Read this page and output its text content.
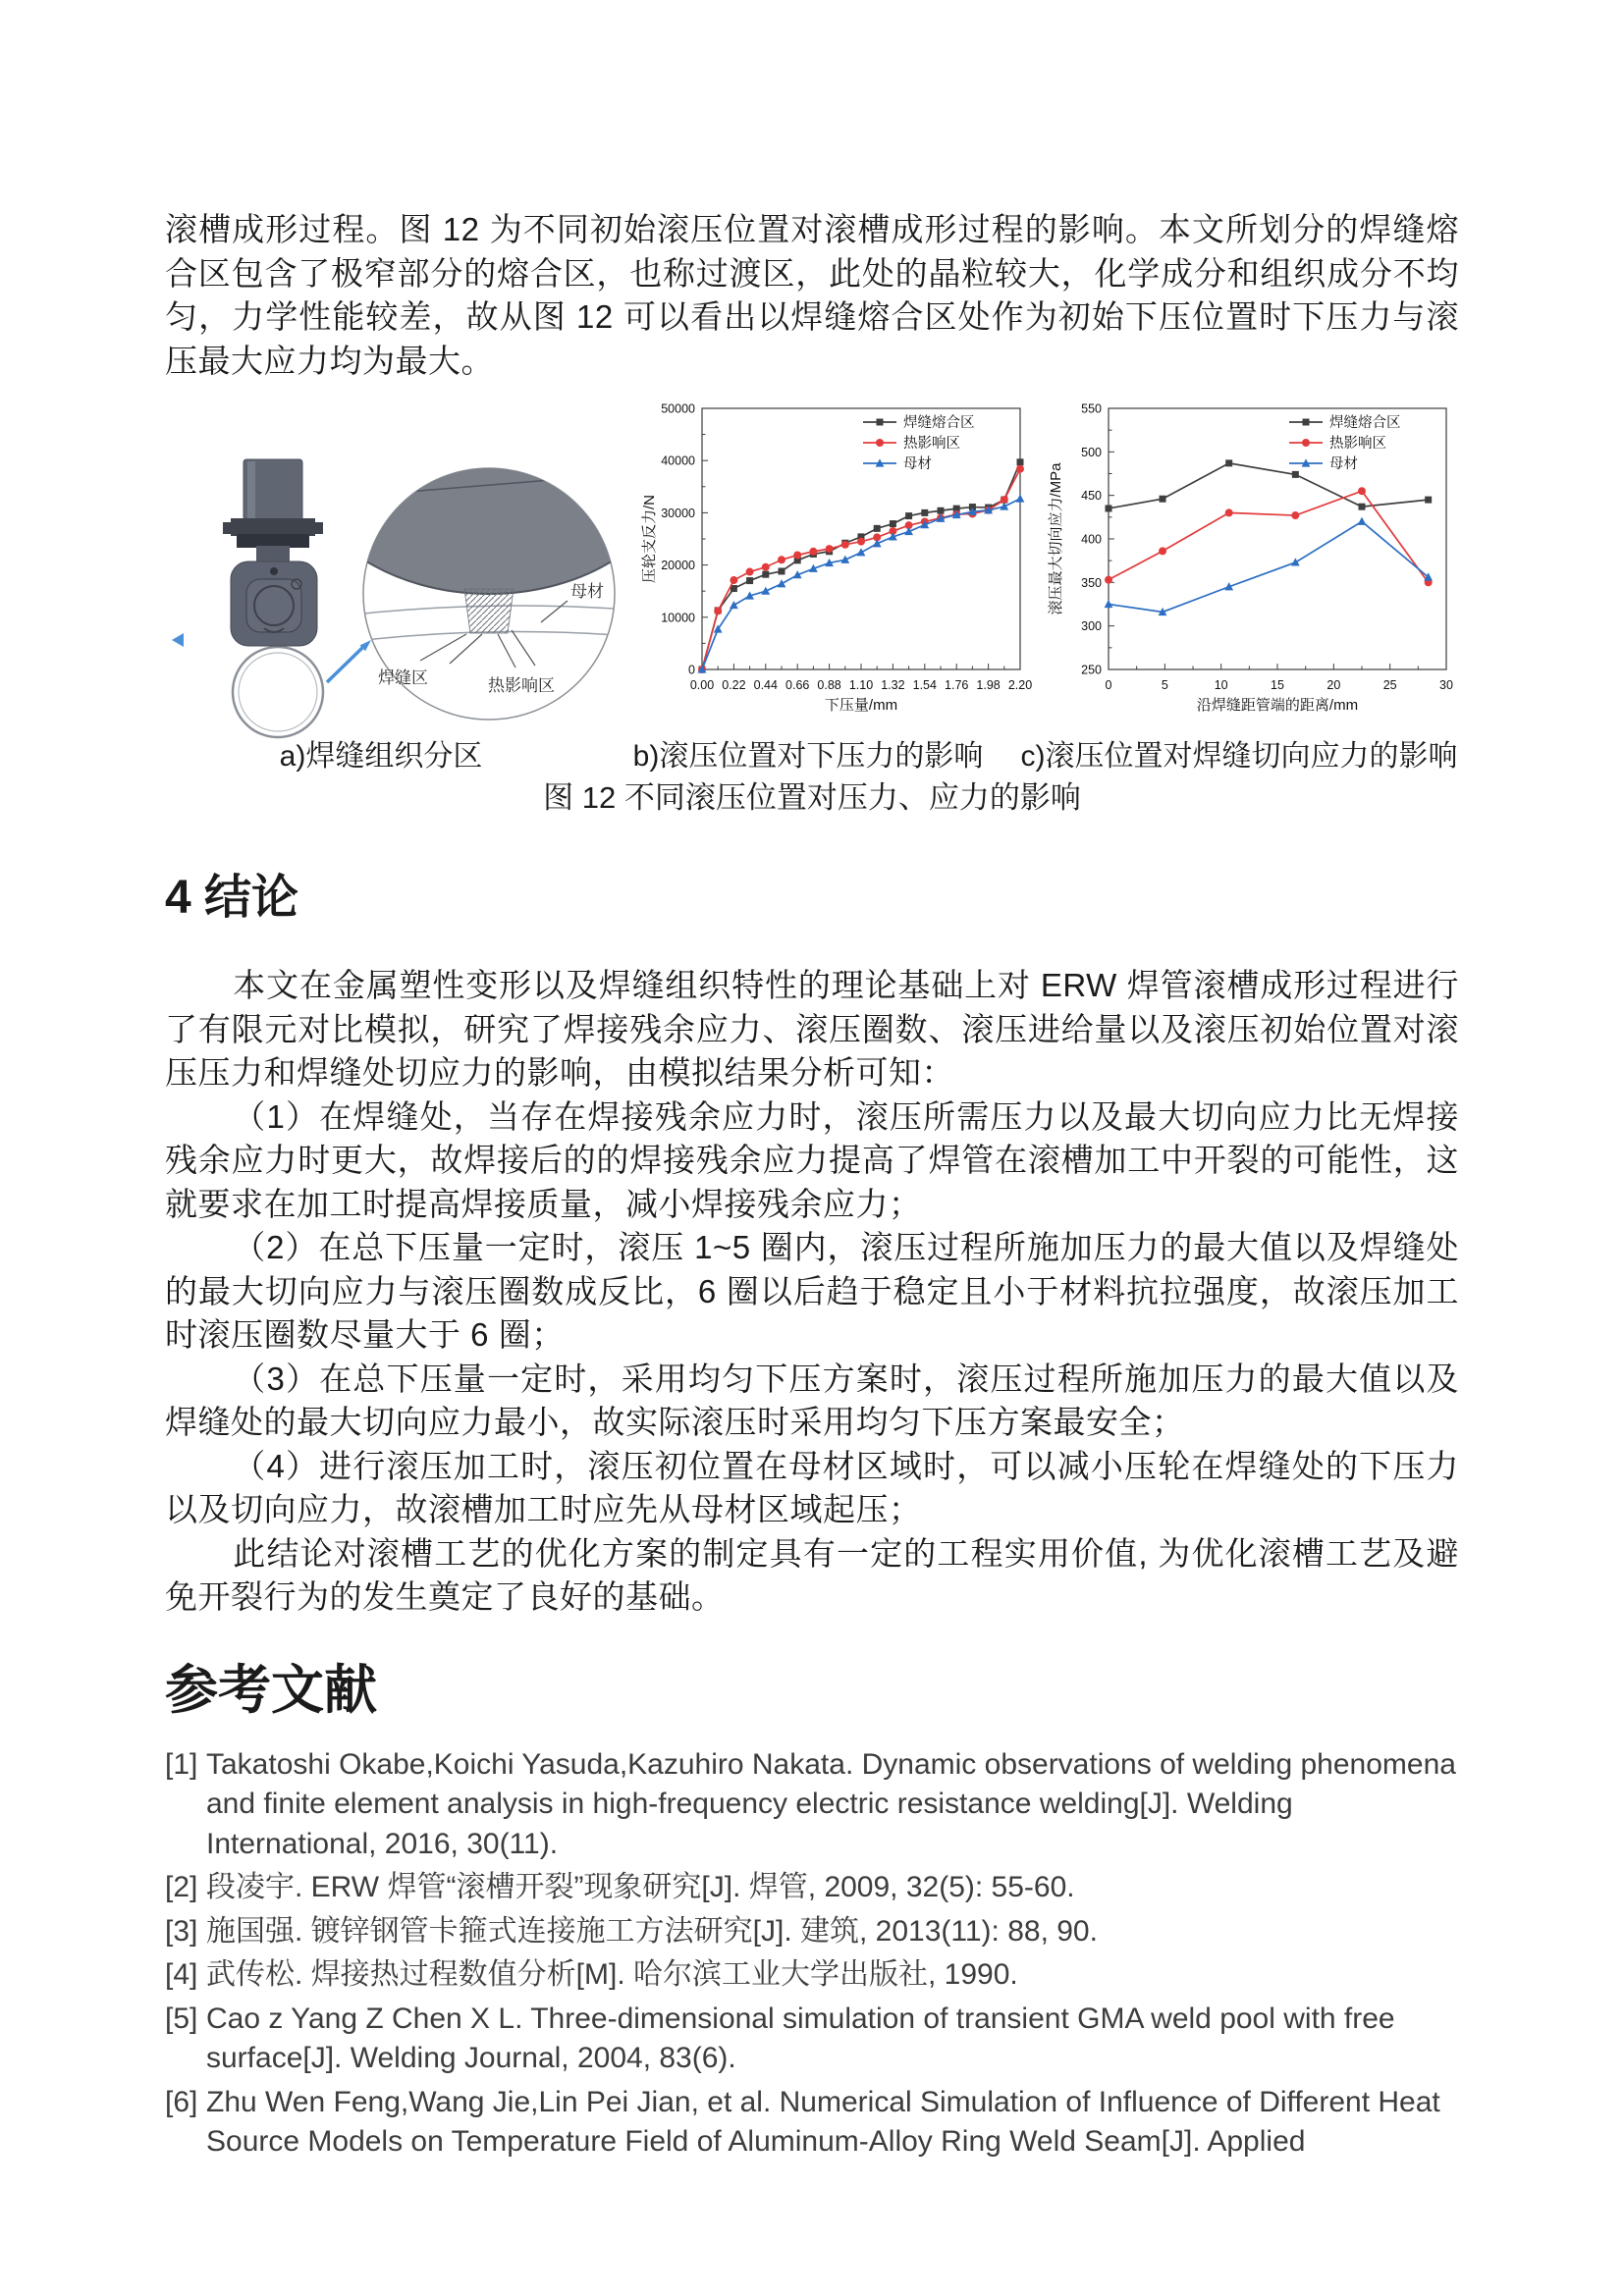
滚槽成形过程。图 12 为不同初始滚压位置对滚槽成形过程的影响。本文所划分的焊缝熔合区包含了极窄部分的熔合区，也称过渡区，此处的晶粒较大，化学成分和组织成分不均匀，力学性能较差，故从图 12 可以看出以焊缝熔合区处作为初始下压位置时下压力与滚压最大应力均为最大。

母材
焊缝区	热影响区	0.00 0.22 0.44 0.66 0.88 1.10 1.32 1.54 1.76 1.98 2.20
0
10000
20000
30000
40000
50000
下压量/mm
压轮支反力/N
焊缝熔合区
热影响区
母材
0	5	10	15	20	25	30
250
300
350
400
450
500
550
沿焊缝距管端的距离/mm
滚压最大切向应力/MPa
焊缝熔合区
热影响区
母材
a)焊缝组织分区	b)滚压位置对下压力的影响	c)滚压位置对焊缝切向应力的影响
图 12 不同滚压位置对压力、应力的影响
4 结论

本文在金属塑性变形以及焊缝组织特性的理论基础上对 ERW 焊管滚槽成形过程进行了有限元对比模拟，研究了焊接残余应力、滚压圈数、滚压进给量以及滚压初始位置对滚压压力和焊缝处切应力的影响，由模拟结果分析可知：

（1）在焊缝处，当存在焊接残余应力时，滚压所需压力以及最大切向应力比无焊接残余应力时更大，故焊接后的的焊接残余应力提高了焊管在滚槽加工中开裂的可能性，这就要求在加工时提高焊接质量，减小焊接残余应力；

（2）在总下压量一定时，滚压 1~5 圈内，滚压过程所施加压力的最大值以及焊缝处的最大切向应力与滚压圈数成反比，6 圈以后趋于稳定且小于材料抗拉强度，故滚压加工时滚压圈数尽量大于 6 圈；

（3）在总下压量一定时，采用均匀下压方案时，滚压过程所施加压力的最大值以及焊缝处的最大切向应力最小，故实际滚压时采用均匀下压方案最安全；

（4）进行滚压加工时，滚压初位置在母材区域时，可以减小压轮在焊缝处的下压力以及切向应力，故滚槽加工时应先从母材区域起压；

此结论对滚槽工艺的优化方案的制定具有一定的工程实用价值, 为优化滚槽工艺及避免开裂行为的发生奠定了良好的基础。

参考文献
[1] Takatoshi Okabe,Koichi Yasuda,Kazuhiro Nakata. Dynamic observations of welding phenomena and finite element analysis in high-frequency electric resistance welding[J]. Welding International, 2016, 30(11).
[2] 段凌宇. ERW 焊管“滚槽开裂”现象研究[J]. 焊管, 2009, 32(5): 55-60.
[3] 施国强. 镀锌钢管卡箍式连接施工方法研究[J]. 建筑, 2013(11): 88, 90.
[4] 武传松. 焊接热过程数值分析[M]. 哈尔滨工业大学出版社, 1990.
[5] Cao z Yang Z Chen X L. Three-dimensional simulation of transient GMA weld pool with free surface[J]. Welding Journal, 2004, 83(6).
[6] Zhu Wen Feng,Wang Jie,Lin Pei Jian, et al. Numerical Simulation of Influence of Different Heat Source Models on Temperature Field of Aluminum-Alloy Ring Weld Seam[J]. Applied
